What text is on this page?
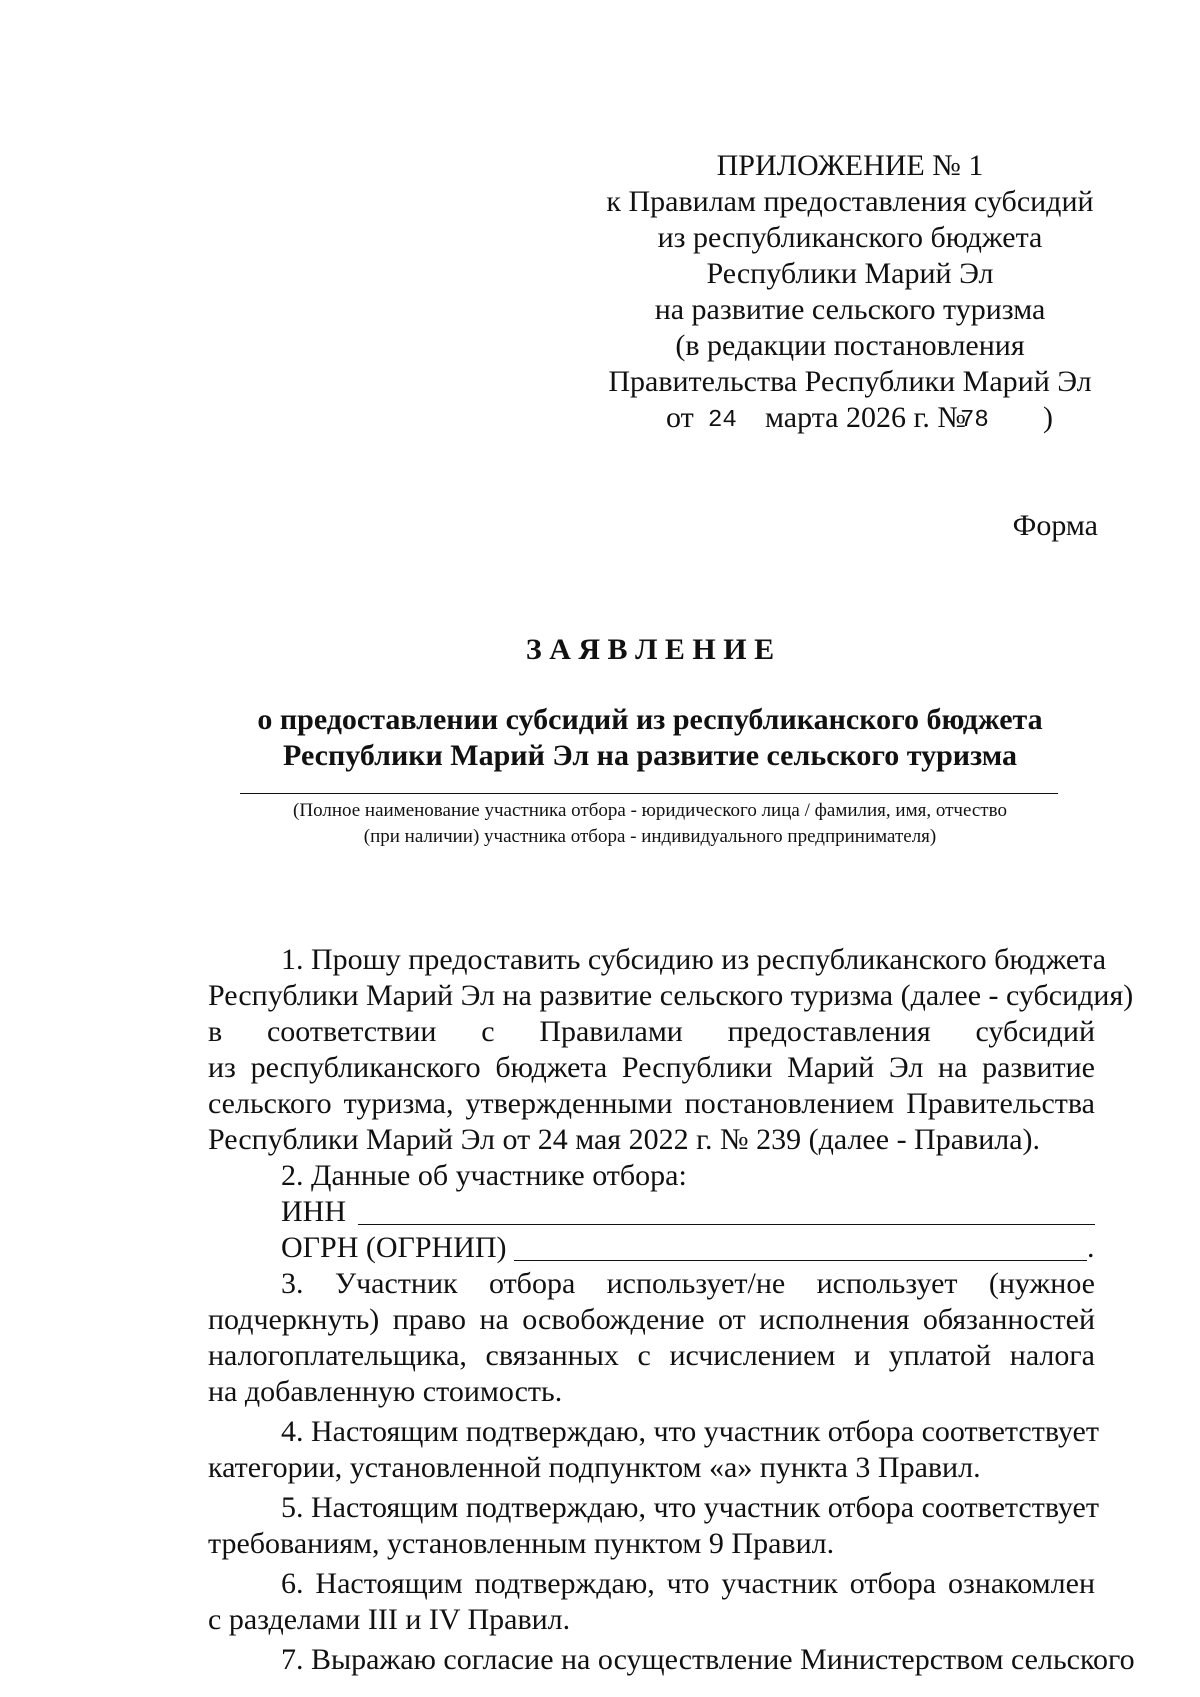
ПРИЛОЖЕНИЕ № 1
к Правилам предоставления субсидий
из республиканского бюджета
Республики Марий Эл
на развитие сельского туризма
(в редакции постановления
Правительства Республики Марий Эл
от 24 марта 2026 г. №
78 )
Форма
З А Я В Л Е Н И Е
о предоставлении субсидий из республиканского бюджета
Республики Марий Эл на развитие сельского туризма
(Полное наименование участника отбора - юридического лица / фамилия, имя, отчество
(при наличии) участника отбора - индивидуального предпринимателя)
1. Прошу предоставить субсидию из республиканского бюджета
Республики Марий Эл на развитие сельского туризма (далее - субсидия)
в соответствии с Правилами предоставления субсидий
из республиканского бюджета Республики Марий Эл на развитие
сельского туризма, утвержденными постановлением Правительства
Республики Марий Эл от 24 мая 2022 г. № 239 (далее - Правила).
2. Данные об участнике отбора:
ИНН
ОГРН (ОГРНИП)	.
3. Участник отбора использует/не использует (нужное
подчеркнуть) право на освобождение от исполнения обязанностей
налогоплательщика, связанных с исчислением и уплатой налога
на добавленную стоимость.
4. Настоящим подтверждаю, что участник отбора соответствует
категории, установленной подпунктом «а» пункта 3 Правил.
5. Настоящим подтверждаю, что участник отбора соответствует
требованиям, установленным пунктом 9 Правил.
6. Настоящим подтверждаю, что участник отбора ознакомлен
с разделами III и IV Правил.
7. Выражаю согласие на осуществление Министерством сельского
